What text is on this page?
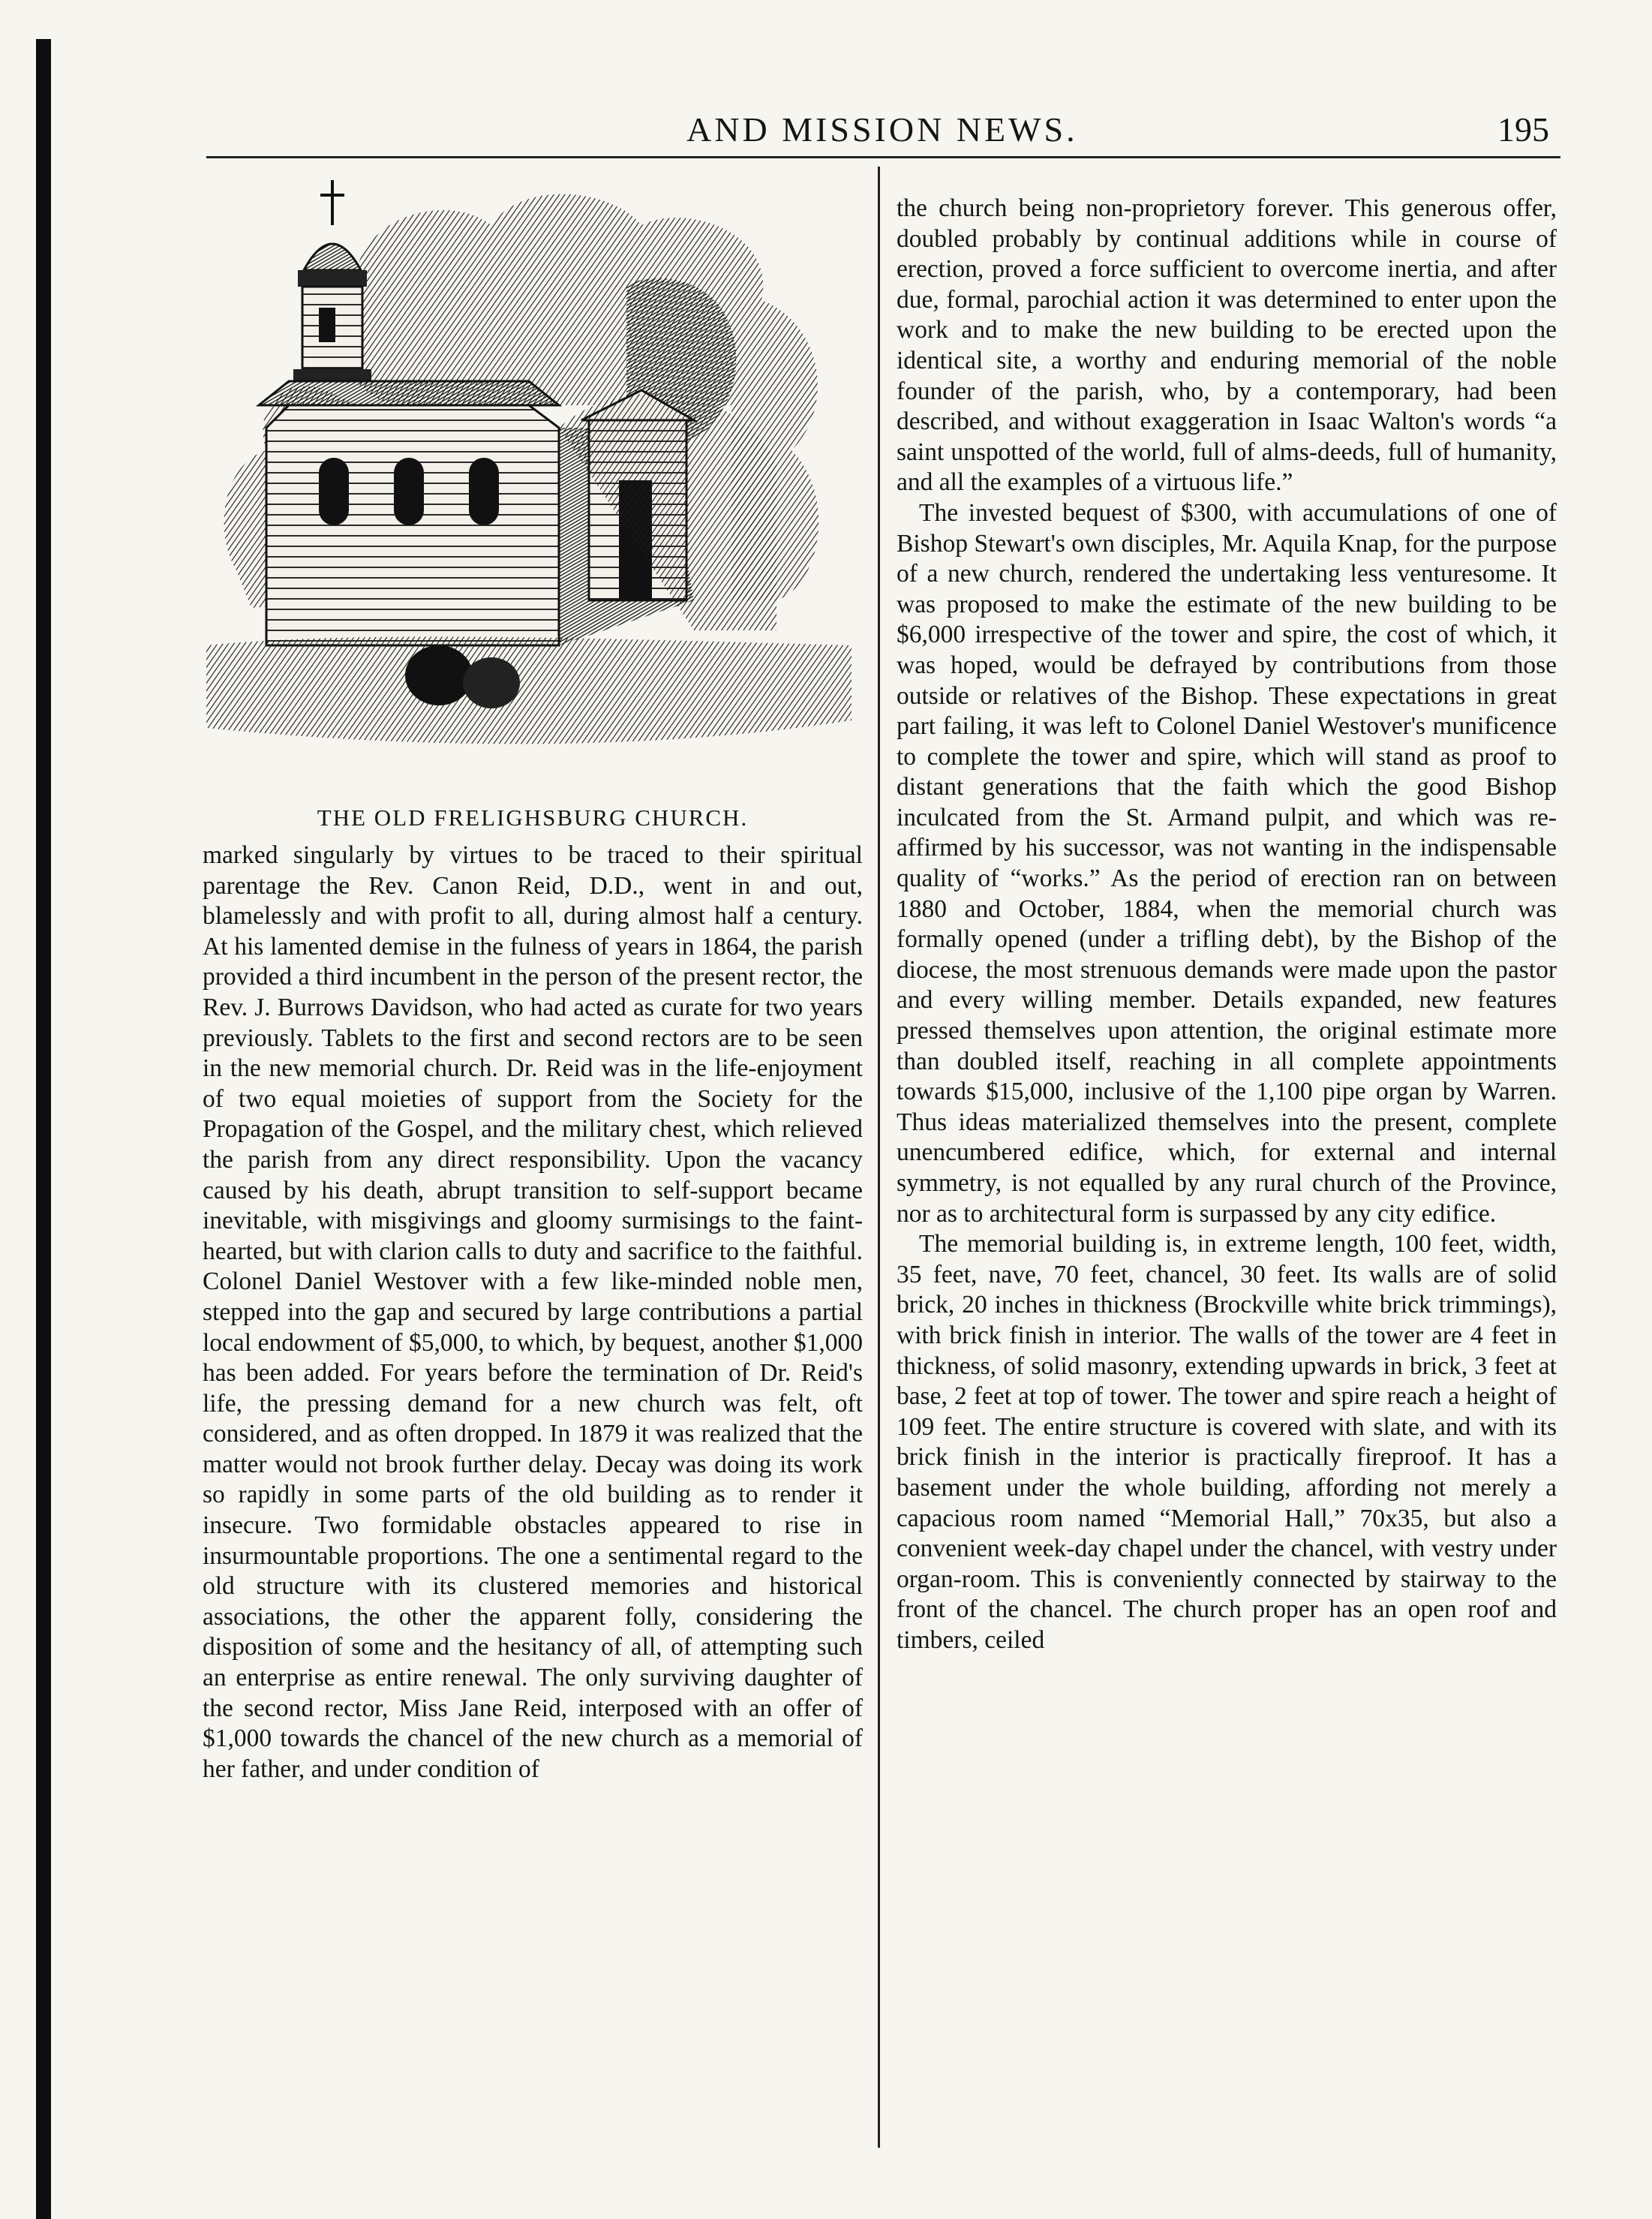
AND MISSION NEWS.	195
THE OLD FRELIGHSBURG CHURCH.

marked singularly by virtues to be traced to their spiritual parentage the Rev. Canon Reid, D.D., went in and out, blamelessly and with profit to all, during almost half a century. At his lamented demise in the fulness of years in 1864, the parish provided a third incumbent in the person of the present rector, the Rev. J. Burrows Davidson, who had acted as curate for two years previously. Tablets to the first and second rectors are to be seen in the new memorial church. Dr. Reid was in the life-enjoyment of two equal moieties of support from the Society for the Propagation of the Gospel, and the military chest, which relieved the parish from any direct responsibility. Upon the vacancy caused by his death, abrupt transition to self-support became inevitable, with misgivings and gloomy surmisings to the faint-hearted, but with clarion calls to duty and sacrifice to the faithful. Colonel Daniel Westover with a few like-minded noble men, stepped into the gap and secured by large contributions a partial local endowment of $5,000, to which, by bequest, another $1,000 has been added. For years before the termination of Dr. Reid's life, the pressing demand for a new church was felt, oft considered, and as often dropped. In 1879 it was realized that the matter would not brook further delay. Decay was doing its work so rapidly in some parts of the old building as to render it insecure. Two formidable obstacles appeared to rise in insurmountable proportions. The one a sentimental regard to the old structure with its clustered memories and historical associations, the other the apparent folly, considering the disposition of some and the hesitancy of all, of attempting such an enterprise as entire renewal. The only surviving daughter of the second rector, Miss Jane Reid, interposed with an offer of $1,000 towards the chancel of the new church as a memorial of her father, and under condition of

the church being non-proprietory forever. This generous offer, doubled probably by continual additions while in course of erection, proved a force sufficient to overcome inertia, and after due, formal, parochial action it was determined to enter upon the work and to make the new building to be erected upon the identical site, a worthy and enduring memorial of the noble founder of the parish, who, by a contemporary, had been described, and without exaggeration in Isaac Walton's words “a saint unspotted of the world, full of alms-deeds, full of humanity, and all the examples of a virtuous life.”

The invested bequest of $300, with accumulations of one of Bishop Stewart's own disciples, Mr. Aquila Knap, for the purpose of a new church, rendered the undertaking less venturesome. It was proposed to make the estimate of the new building to be $6,000 irrespective of the tower and spire, the cost of which, it was hoped, would be defrayed by contributions from those outside or relatives of the Bishop. These expectations in great part failing, it was left to Colonel Daniel Westover's munificence to complete the tower and spire, which will stand as proof to distant generations that the faith which the good Bishop inculcated from the St. Armand pulpit, and which was re-affirmed by his successor, was not wanting in the indispensable quality of “works.” As the period of erection ran on between 1880 and October, 1884, when the memorial church was formally opened (under a trifling debt), by the Bishop of the diocese, the most strenuous demands were made upon the pastor and every willing member. Details expanded, new features pressed themselves upon attention, the original estimate more than doubled itself, reaching in all complete appointments towards $15,000, inclusive of the 1,100 pipe organ by Warren. Thus ideas materialized themselves into the present, complete unencumbered edifice, which, for external and internal symmetry, is not equalled by any rural church of the Province, nor as to architectural form is surpassed by any city edifice.

The memorial building is, in extreme length, 100 feet, width, 35 feet, nave, 70 feet, chancel, 30 feet. Its walls are of solid brick, 20 inches in thickness (Brockville white brick trimmings), with brick finish in interior. The walls of the tower are 4 feet in thickness, of solid masonry, extending upwards in brick, 3 feet at base, 2 feet at top of tower. The tower and spire reach a height of 109 feet. The entire structure is covered with slate, and with its brick finish in the interior is practically fireproof. It has a basement under the whole building, affording not merely a capacious room named “Memorial Hall,” 70x35, but also a convenient week-day chapel under the chancel, with vestry under organ-room. This is conveniently connected by stairway to the front of the chancel. The church proper has an open roof and timbers, ceiled
